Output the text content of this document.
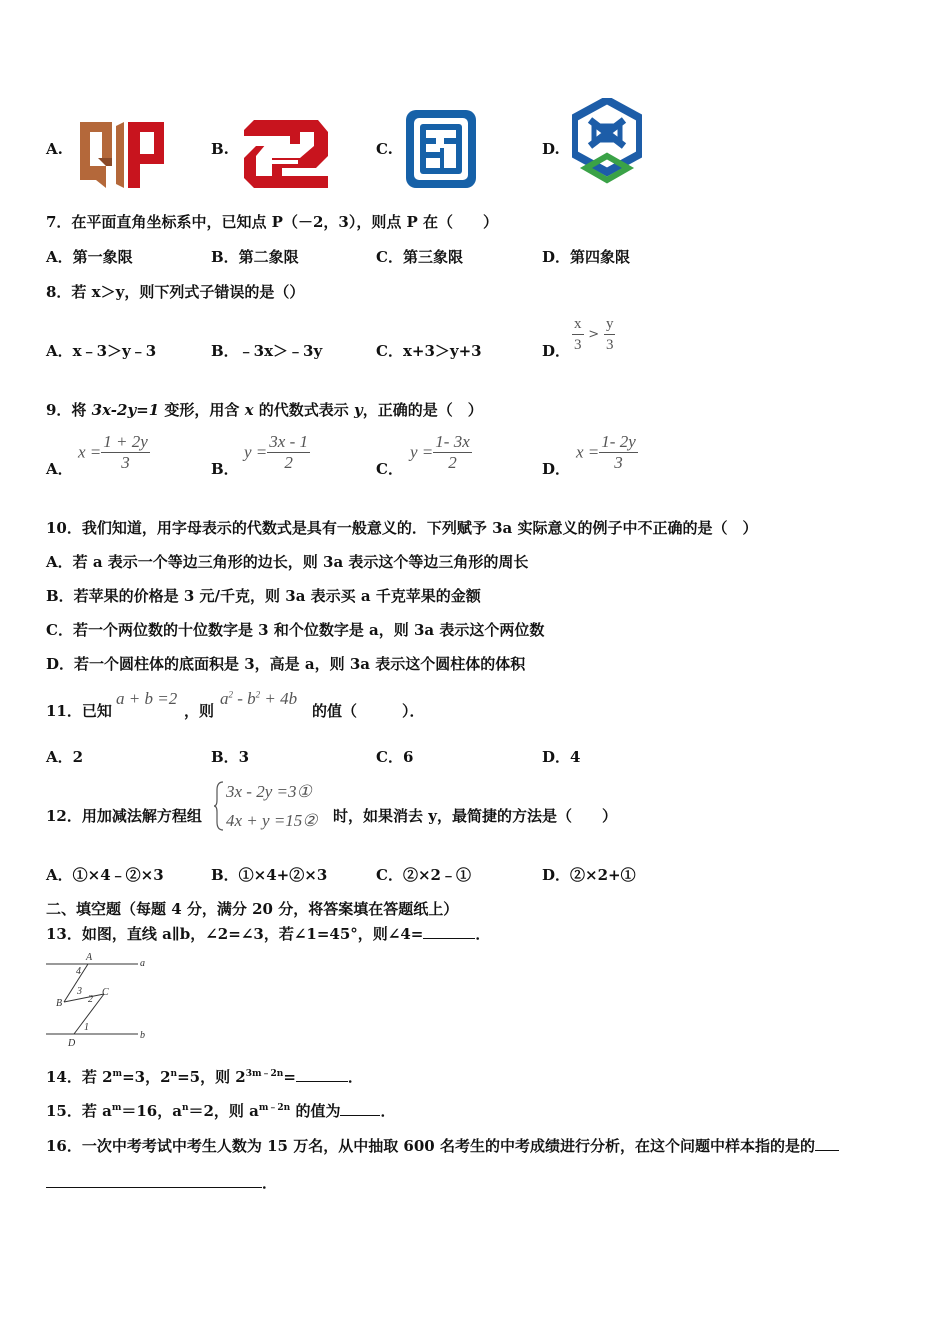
A.	B.	C.	D.
7．在平面直角坐标系中，已知点 P（－2，3），则点 P 在（　　）
A．第一象限	B．第二象限	C．第三象限	D．第四象限
8．若 x＞y，则下列式子错误的是（）
A．x﹣3＞y﹣3	B．﹣3x＞﹣3y	C．x+3＞y+3	D． $\frac{x}{3} > \frac{y}{3}$
9．将 3x-2y=1 变形，用含 x 的代数式表示 y，正确的是（　）
A．
$x = \frac{1 + 2y}{3}$	B．
$y = \frac{3x - 1}{2}$	C．
$y = \frac{1- 3x}{2}$	D．
$x = \frac{1- 2y}{3}$
10．我们知道，用字母表示的代数式是具有一般意义的．下列赋予 3a 实际意义的例子中不正确的是（　）
A．若 a 表示一个等边三角形的边长，则 3a 表示这个等边三角形的周长
B．若苹果的价格是 3 元/千克，则 3a 表示买 a 千克苹果的金额
C．若一个两位数的十位数字是 3 和个位数字是 a，则 3a 表示这个两位数
D．若一个圆柱体的底面积是 3，高是 a，则 3a 表示这个圆柱体的体积
11．已知
a + b =2
，则
$a^2 - b^2 + 4b$
的值（　　　）．
A．2	B．3	C．6	D．4
12．用加减法解方程组
3x - 2y =3①
4x + y =15② 时，如果消去 y，最简捷的方法是（　　）
A．①×4﹣②×3	B．①×4+②×3	C．②×2﹣①	D．②×2+①
二、填空题（每题 4 分，满分 20 分，将答案填在答题纸上）
13．如图，直线 a∥b，∠2=∠3，若∠1=45°，则∠4=	．
A
a
4
3
B	2
C
1
D
b
14．若 $2^m=3$，$2^n=5$，则 $2^{3m﹣2n}=$	．
15．若 $a^m=16$，$a^n=2$，则 $a^{m﹣2n}$ 的值为	．
16．一次中考考试中考生人数为 15 万名，从中抽取 600 名考生的中考成绩进行分析，在这个问题中样本指的是的
．
